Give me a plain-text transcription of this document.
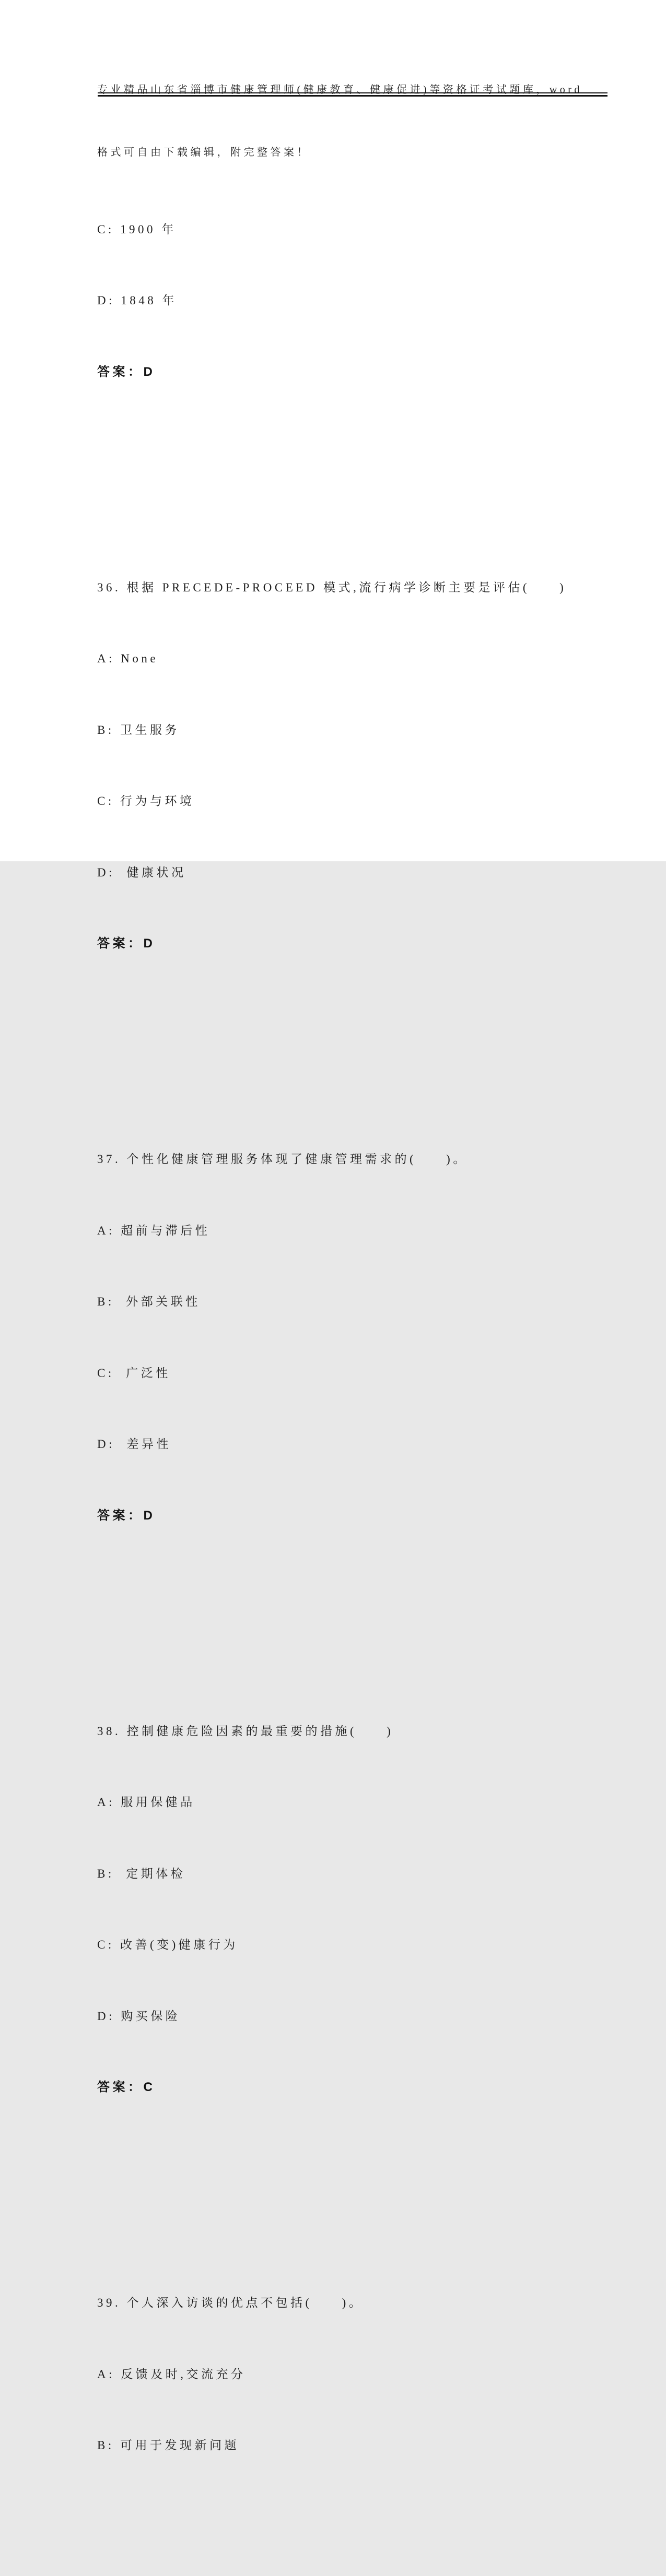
专业精品山东省淄博市健康管理师(健康教育、健康促进)等资格证考试题库，word

格式可自由下载编辑，附完整答案！

C: 1900 年

D: 1848 年

答案：D

36. 根据 PRECEDE-PROCEED 模式,流行病学诊断主要是评估(　　)

A: None

B: 卫生服务

C: 行为与环境

D:  健康状况

答案：D

37. 个性化健康管理服务体现了健康管理需求的(　　)。

A: 超前与滞后性

B:  外部关联性

C:  广泛性

D:  差异性

答案：D

38. 控制健康危险因素的最重要的措施(　　)

A: 服用保健品

B:  定期体检

C: 改善(变)健康行为

D: 购买保险

答案：C

39. 个人深入访谈的优点不包括(　　)。

A: 反馈及时,交流充分

B: 可用于发现新问题
